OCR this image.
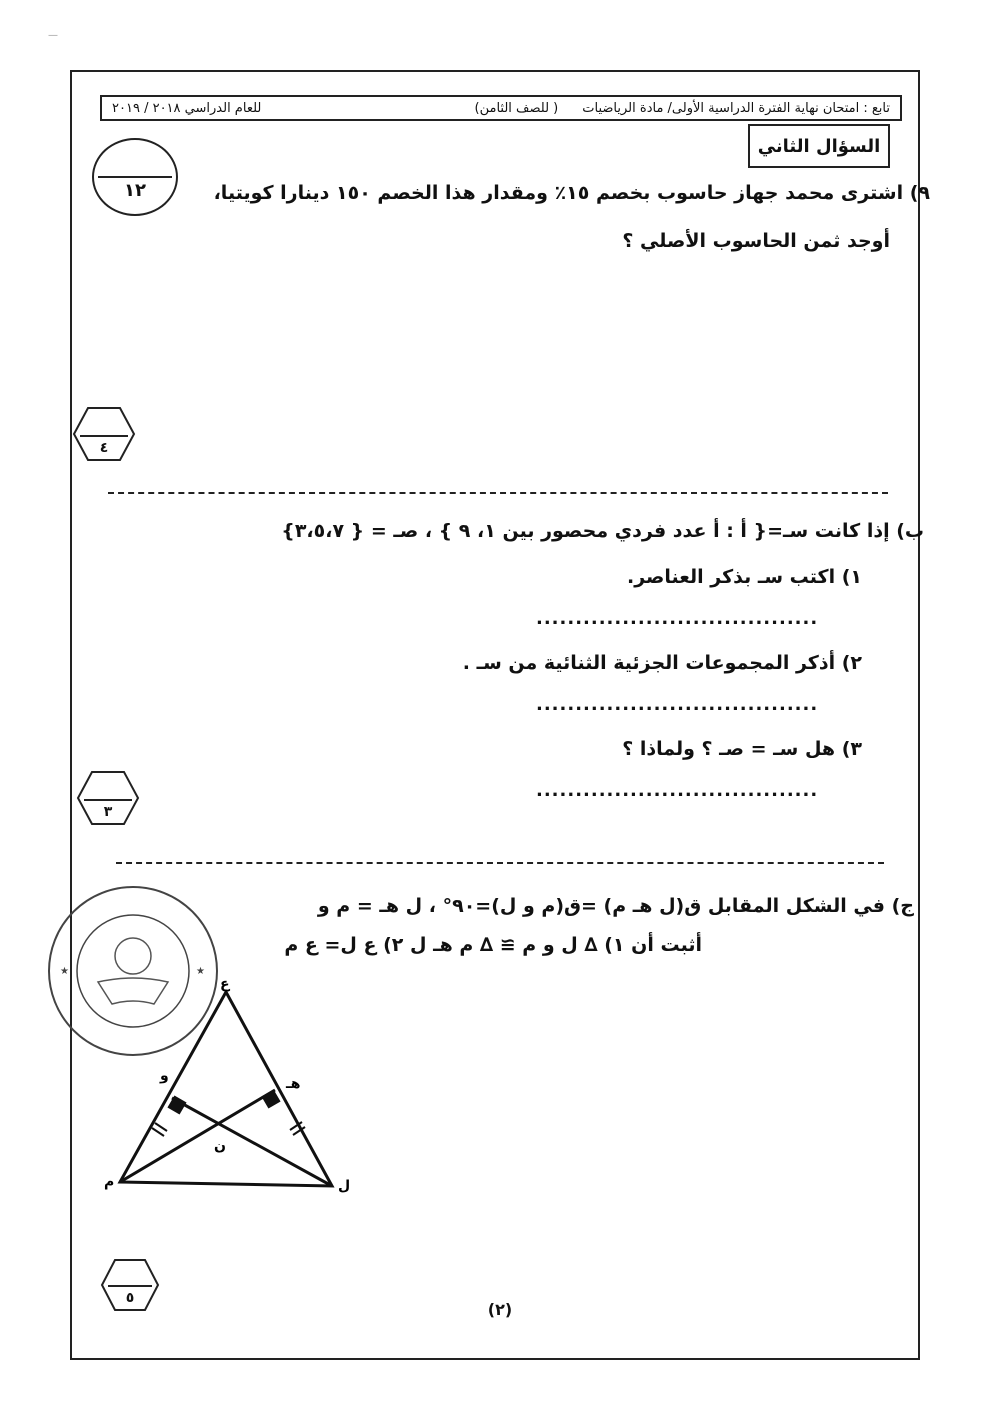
—
تابع : امتحان نهاية الفترة الدراسية الأولى/ مادة الرياضيات
( للصف الثامن)
للعام الدراسي ٢٠١٨ / ٢٠١٩
السؤال الثاني
١٢	٩) اشترى محمد جهاز حاسوب بخصم ١٥٪ ومقدار هذا الخصم ١٥٠ دينارا كويتيا،
أوجد ثمن الحاسوب الأصلي ؟
٤
ب) إذا كانت سـ={ أ : أ عدد فردي محصور بين ١، ٩ } ، صـ = { ٣،٥،٧}
١) اكتب سـ بذكر العناصر.
....................................
٢) أذكر المجموعات الجزئية الثنائية من سـ .
....................................
٣) هل سـ = صـ ؟ ولماذا ؟
....................................
٣
ج) في الشكل المقابل ق(ل هـ م) =ق(م و ل)=٩٠° ، ل هـ = م و
أثبت أن ١) ∆ ل و م ≅ ∆ م هـ ل ٢) ع ل= ع م
★	★
ع
و	هـ
ن
م	ل
٥
(٢)
